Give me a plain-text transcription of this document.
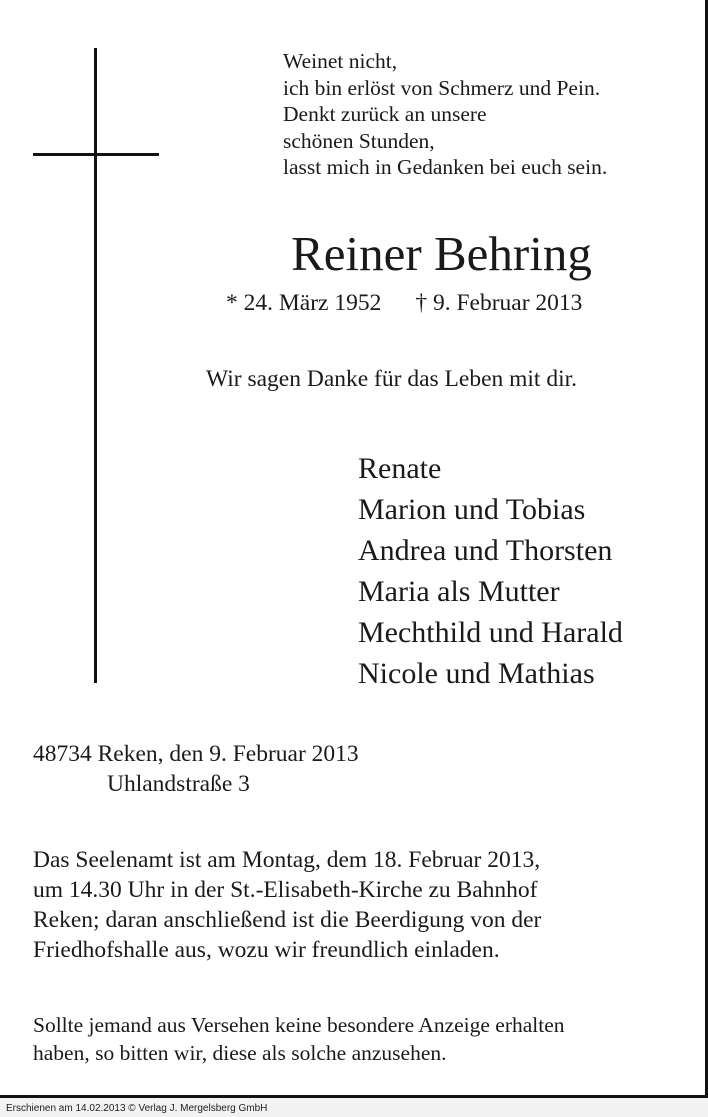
Weinet nicht,
ich bin erlöst von Schmerz und Pein.
Denkt zurück an unsere
schönen Stunden,
lasst mich in Gedanken bei euch sein.
Reiner Behring
* 24. März 1952 † 9. Februar 2013
Wir sagen Danke für das Leben mit dir.
Renate
Marion und Tobias
Andrea und Thorsten
Maria als Mutter
Mechthild und Harald
Nicole und Mathias
48734 Reken, den 9. Februar 2013
Uhlandstraße 3
Das Seelenamt ist am Montag, dem 18. Februar 2013,
um 14.30 Uhr in der St.-Elisabeth-Kirche zu Bahnhof
Reken; daran anschließend ist die Beerdigung von der
Friedhofshalle aus, wozu wir freundlich einladen.
Sollte jemand aus Versehen keine besondere Anzeige erhalten
haben, so bitten wir, diese als solche anzusehen.
Erschienen am 14.02.2013 © Verlag J. Mergelsberg GmbH
